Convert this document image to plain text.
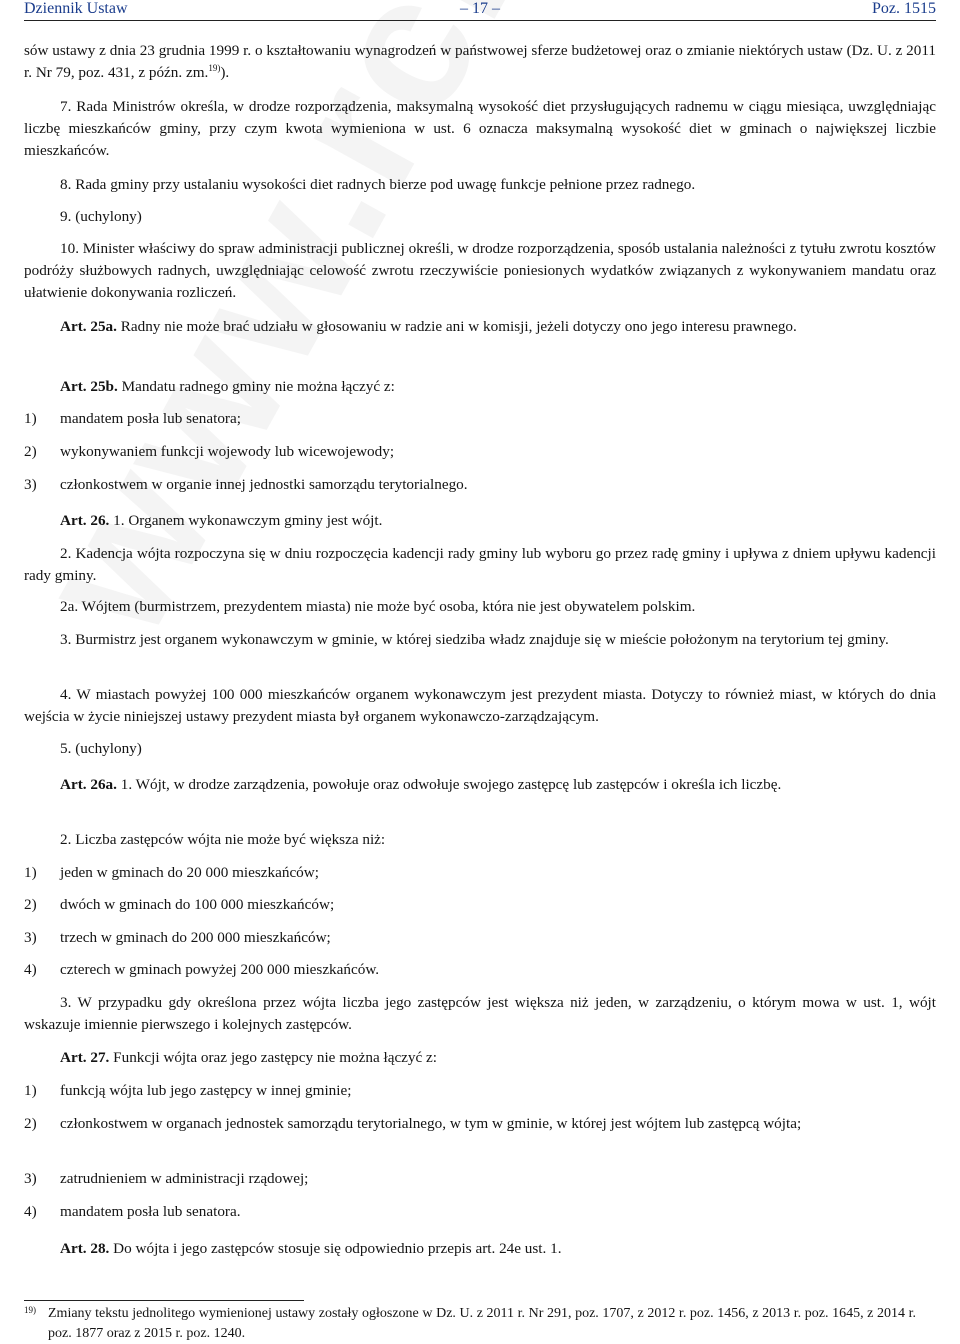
Dziennik Ustaw	– 17 –	Poz. 1515

sów ustawy z dnia 23 grudnia 1999 r. o kształtowaniu wynagrodzeń w państwowej sferze budżetowej oraz o zmianie niektórych ustaw (Dz. U. z 2011 r. Nr 79, poz. 431, z późn. zm.$^{19)}$).

7. Rada Ministrów określa, w drodze rozporządzenia, maksymalną wysokość diet przysługujących radnemu w ciągu miesiąca, uwzględniając liczbę mieszkańców gminy, przy czym kwota wymieniona w ust. 6 oznacza maksymalną wysokość diet w gminach o największej liczbie mieszkańców.

8. Rada gminy przy ustalaniu wysokości diet radnych bierze pod uwagę funkcje pełnione przez radnego.

9. (uchylony)

10. Minister właściwy do spraw administracji publicznej określi, w drodze rozporządzenia, sposób ustalania należności z tytułu zwrotu kosztów podróży służbowych radnych, uwzględniając celowość zwrotu rzeczywiście poniesionych wydatków związanych z wykonywaniem mandatu oraz ułatwienie dokonywania rozliczeń.

Art. 25a. Radny nie może brać udziału w głosowaniu w radzie ani w komisji, jeżeli dotyczy ono jego interesu prawnego.

Art. 25b. Mandatu radnego gminy nie można łączyć z:

1)	mandatem posła lub senatora;
2)	wykonywaniem funkcji wojewody lub wicewojewody;
3)	członkostwem w organie innej jednostki samorządu terytorialnego.

Art. 26. 1. Organem wykonawczym gminy jest wójt.

2. Kadencja wójta rozpoczyna się w dniu rozpoczęcia kadencji rady gminy lub wyboru go przez radę gminy i upływa z dniem upływu kadencji rady gminy.

2a. Wójtem (burmistrzem, prezydentem miasta) nie może być osoba, która nie jest obywatelem polskim.

3. Burmistrz jest organem wykonawczym w gminie, w której siedziba władz znajduje się w mieście położonym na terytorium tej gminy.

4. W miastach powyżej 100 000 mieszkańców organem wykonawczym jest prezydent miasta. Dotyczy to również miast, w których do dnia wejścia w życie niniejszej ustawy prezydent miasta był organem wykonawczo-zarządzającym.

5. (uchylony)

Art. 26a. 1. Wójt, w drodze zarządzenia, powołuje oraz odwołuje swojego zastępcę lub zastępców i określa ich liczbę.

2. Liczba zastępców wójta nie może być większa niż:

1)	jeden w gminach do 20 000 mieszkańców;
2)	dwóch w gminach do 100 000 mieszkańców;
3)	trzech w gminach do 200 000 mieszkańców;
4)	czterech w gminach powyżej 200 000 mieszkańców.

3. W przypadku gdy określona przez wójta liczba jego zastępców jest większa niż jeden, w zarządzeniu, o którym mowa w ust. 1, wójt wskazuje imiennie pierwszego i kolejnych zastępców.

Art. 27. Funkcji wójta oraz jego zastępcy nie można łączyć z:

1)	funkcją wójta lub jego zastępcy w innej gminie;
2)	członkostwem w organach jednostek samorządu terytorialnego, w tym w gminie, w której jest wójtem lub zastępcą wójta;
3)	zatrudnieniem w administracji rządowej;
4)	mandatem posła lub senatora.

Art. 28. Do wójta i jego zastępców stosuje się odpowiednio przepis art. 24e ust. 1.

19) Zmiany tekstu jednolitego wymienionej ustawy zostały ogłoszone w Dz. U. z 2011 r. Nr 291, poz. 1707, z 2012 r. poz. 1456, z 2013 r. poz. 1645, z 2014 r. poz. 1877 oraz z 2015 r. poz. 1240.
